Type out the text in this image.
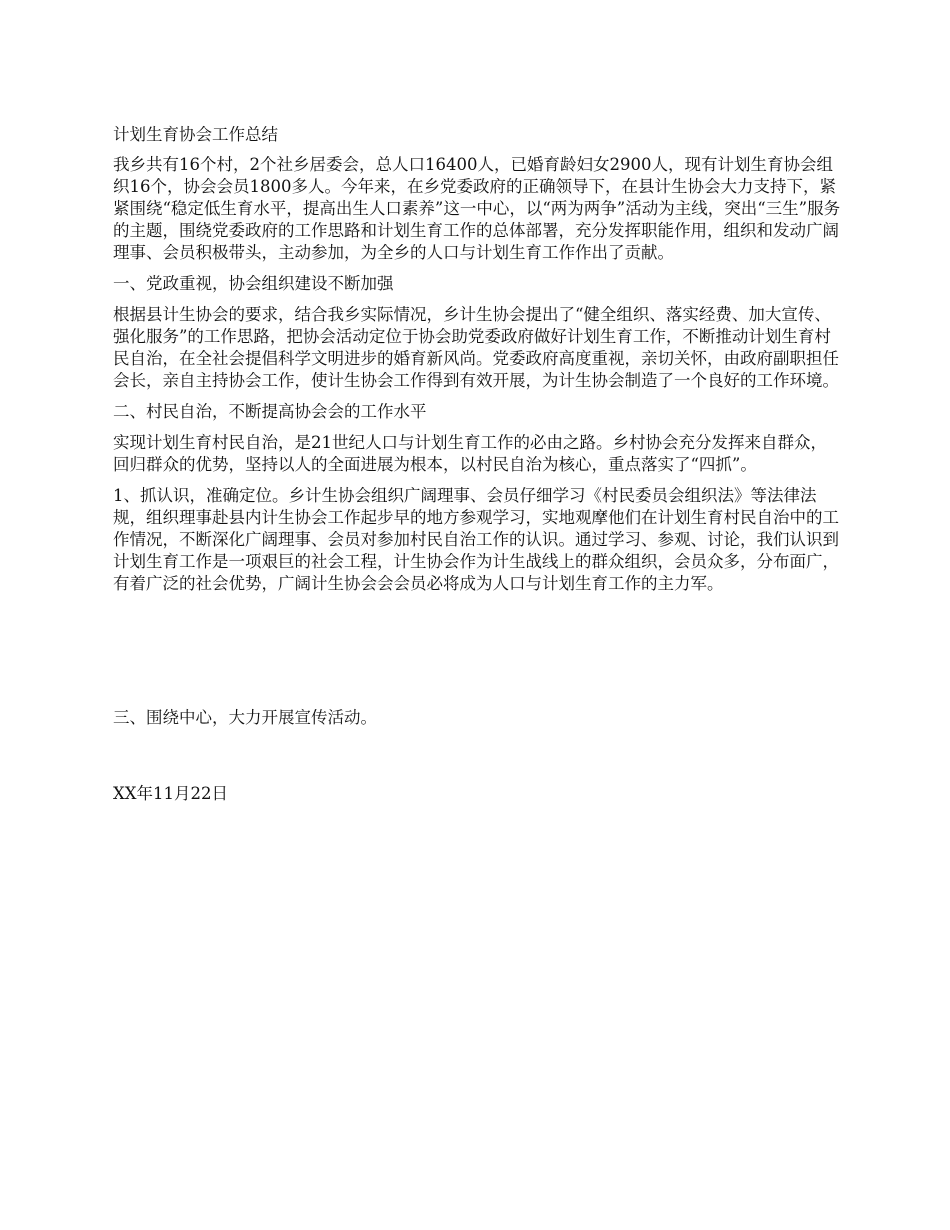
计划生育协会工作总结

我乡共有16个村，2个社乡居委会，总人口16400人，已婚育龄妇女2900人，现有计划生育协会组织16个，协会会员1800多人。今年来，在乡党委政府的正确领导下，在县计生协会大力支持下，紧紧围绕“稳定低生育水平，提高出生人口素养”这一中心，以“两为两争”活动为主线，突出“三生”服务的主题，围绕党委政府的工作思路和计划生育工作的总体部署，充分发挥职能作用，组织和发动广阔理事、会员积极带头，主动参加，为全乡的人口与计划生育工作作出了贡献。

一、党政重视，协会组织建设不断加强

根据县计生协会的要求，结合我乡实际情况，乡计生协会提出了“健全组织、落实经费、加大宣传、强化服务”的工作思路，把协会活动定位于协会助党委政府做好计划生育工作，不断推动计划生育村民自治，在全社会提倡科学文明进步的婚育新风尚。党委政府高度重视，亲切关怀，由政府副职担任会长，亲自主持协会工作，使计生协会工作得到有效开展，为计生协会制造了一个良好的工作环境。

二、村民自治，不断提高协会会的工作水平

实现计划生育村民自治，是21世纪人口与计划生育工作的必由之路。乡村协会充分发挥来自群众，回归群众的优势，坚持以人的全面进展为根本，以村民自治为核心，重点落实了“四抓”。

1、抓认识，准确定位。乡计生协会组织广阔理事、会员仔细学习《村民委员会组织法》等法律法规，组织理事赴县内计生协会工作起步早的地方参观学习，实地观摩他们在计划生育村民自治中的工作情况，不断深化广阔理事、会员对参加村民自治工作的认识。通过学习、参观、讨论，我们认识到计划生育工作是一项艰巨的社会工程，计生协会作为计生战线上的群众组织，会员众多，分布面广，有着广泛的社会优势，广阔计生协会会会员必将成为人口与计划生育工作的主力军。

三、围绕中心，大力开展宣传活动。

XX年11月22日
